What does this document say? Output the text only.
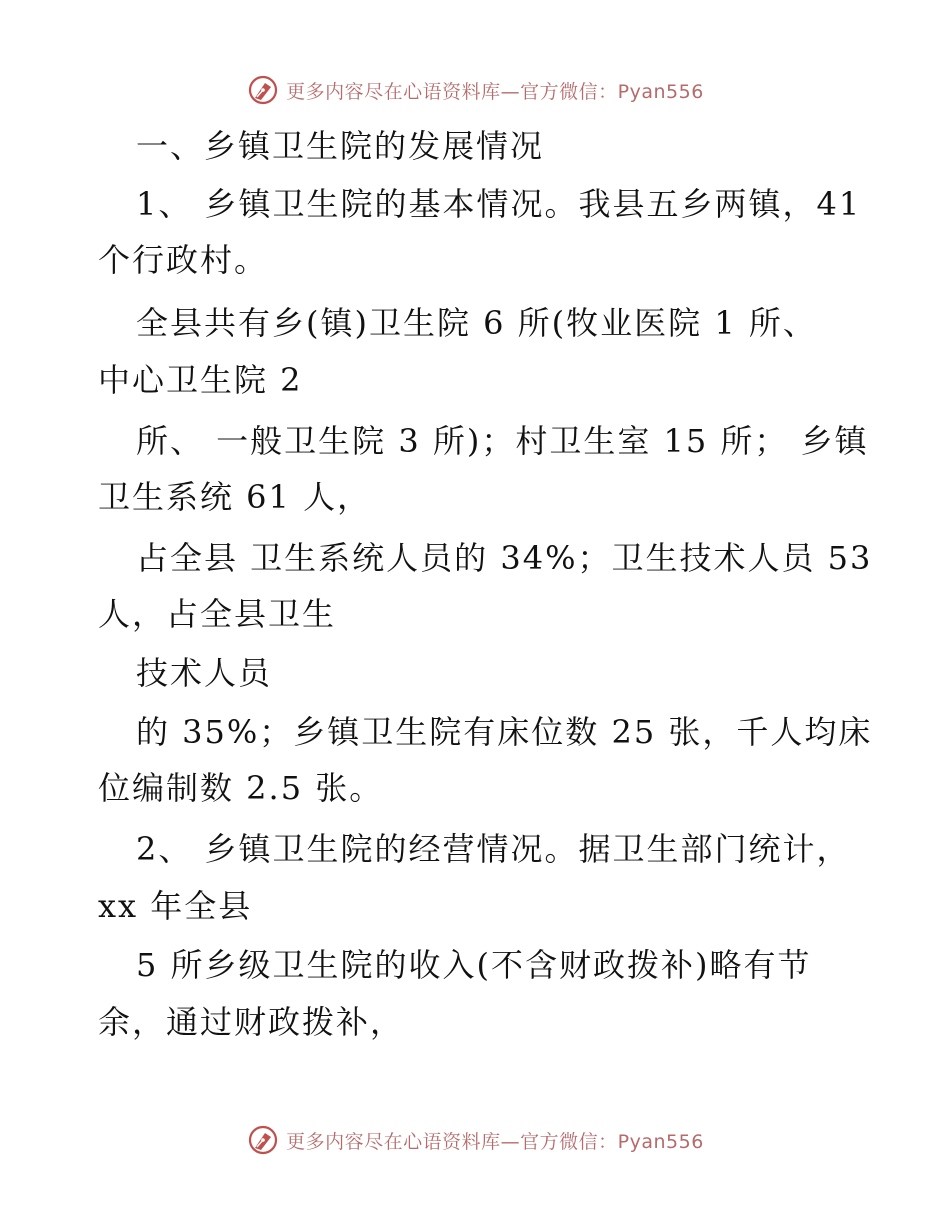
更多内容尽在心语资料库—官方微信：Pyan556
一、乡镇卫生院的发展情况
1、 乡镇卫生院的基本情况。我县五乡两镇，41
个行政村。
全县共有乡(镇)卫生院 6 所(牧业医院 1 所、
中心卫生院 2
所、 一般卫生院 3 所)；村卫生室 15 所； 乡镇
卫生系统 61 人，
占全县 卫生系统人员的 34%；卫生技术人员 53
人，占全县卫生
技术人员
的 35%；乡镇卫生院有床位数 25 张，千人均床
位编制数 2.5 张。
2、 乡镇卫生院的经营情况。据卫生部门统计，
xx 年全县
5 所乡级卫生院的收入(不含财政拨补)略有节
余，通过财政拨补，
更多内容尽在心语资料库—官方微信：Pyan556
